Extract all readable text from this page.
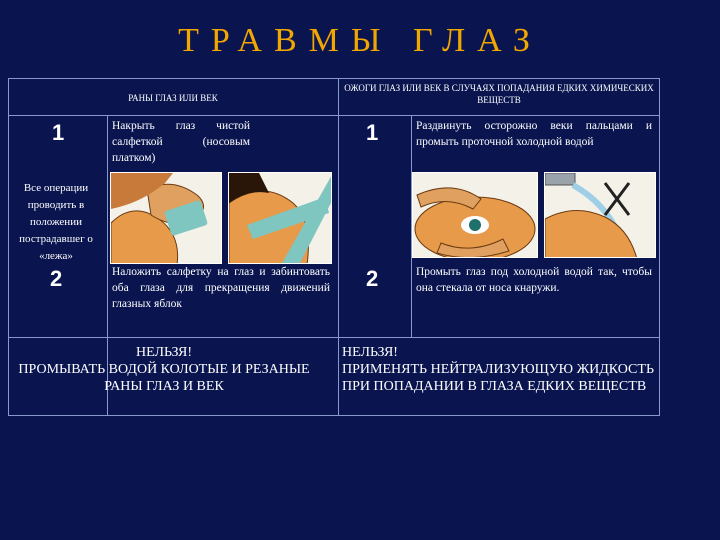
ТРАВМЫ ГЛАЗ
РАНЫ ГЛАЗ ИЛИ ВЕК
1	Накрыть глаз чистой салфеткой (носовым платком)
Все операции проводить в положении пострадавшег о «лежа»
2	Наложить салфетку на глаз и забинтовать оба глаза для прекращения движений глазных яблок
НЕЛЬЗЯ!
ПРОМЫВАТЬ ВОДОЙ КОЛОТЫЕ И РЕЗАНЫЕ РАНЫ ГЛАЗ И ВЕК
ОЖОГИ ГЛАЗ ИЛИ ВЕК В СЛУЧАЯХ ПОПАДАНИЯ ЕДКИХ ХИМИЧЕСКИХ ВЕЩЕСТВ
1	Раздвинуть осторожно веки пальцами и промыть проточной холодной водой
2	Промыть глаз под холодной водой так, чтобы она стекала от носа кнаружи.
НЕЛЬЗЯ!
ПРИМЕНЯТЬ НЕЙТРАЛИЗУЮЩУЮ ЖИДКОСТЬ ПРИ ПОПАДАНИИ В ГЛАЗА ЕДКИХ ВЕЩЕСТВ
